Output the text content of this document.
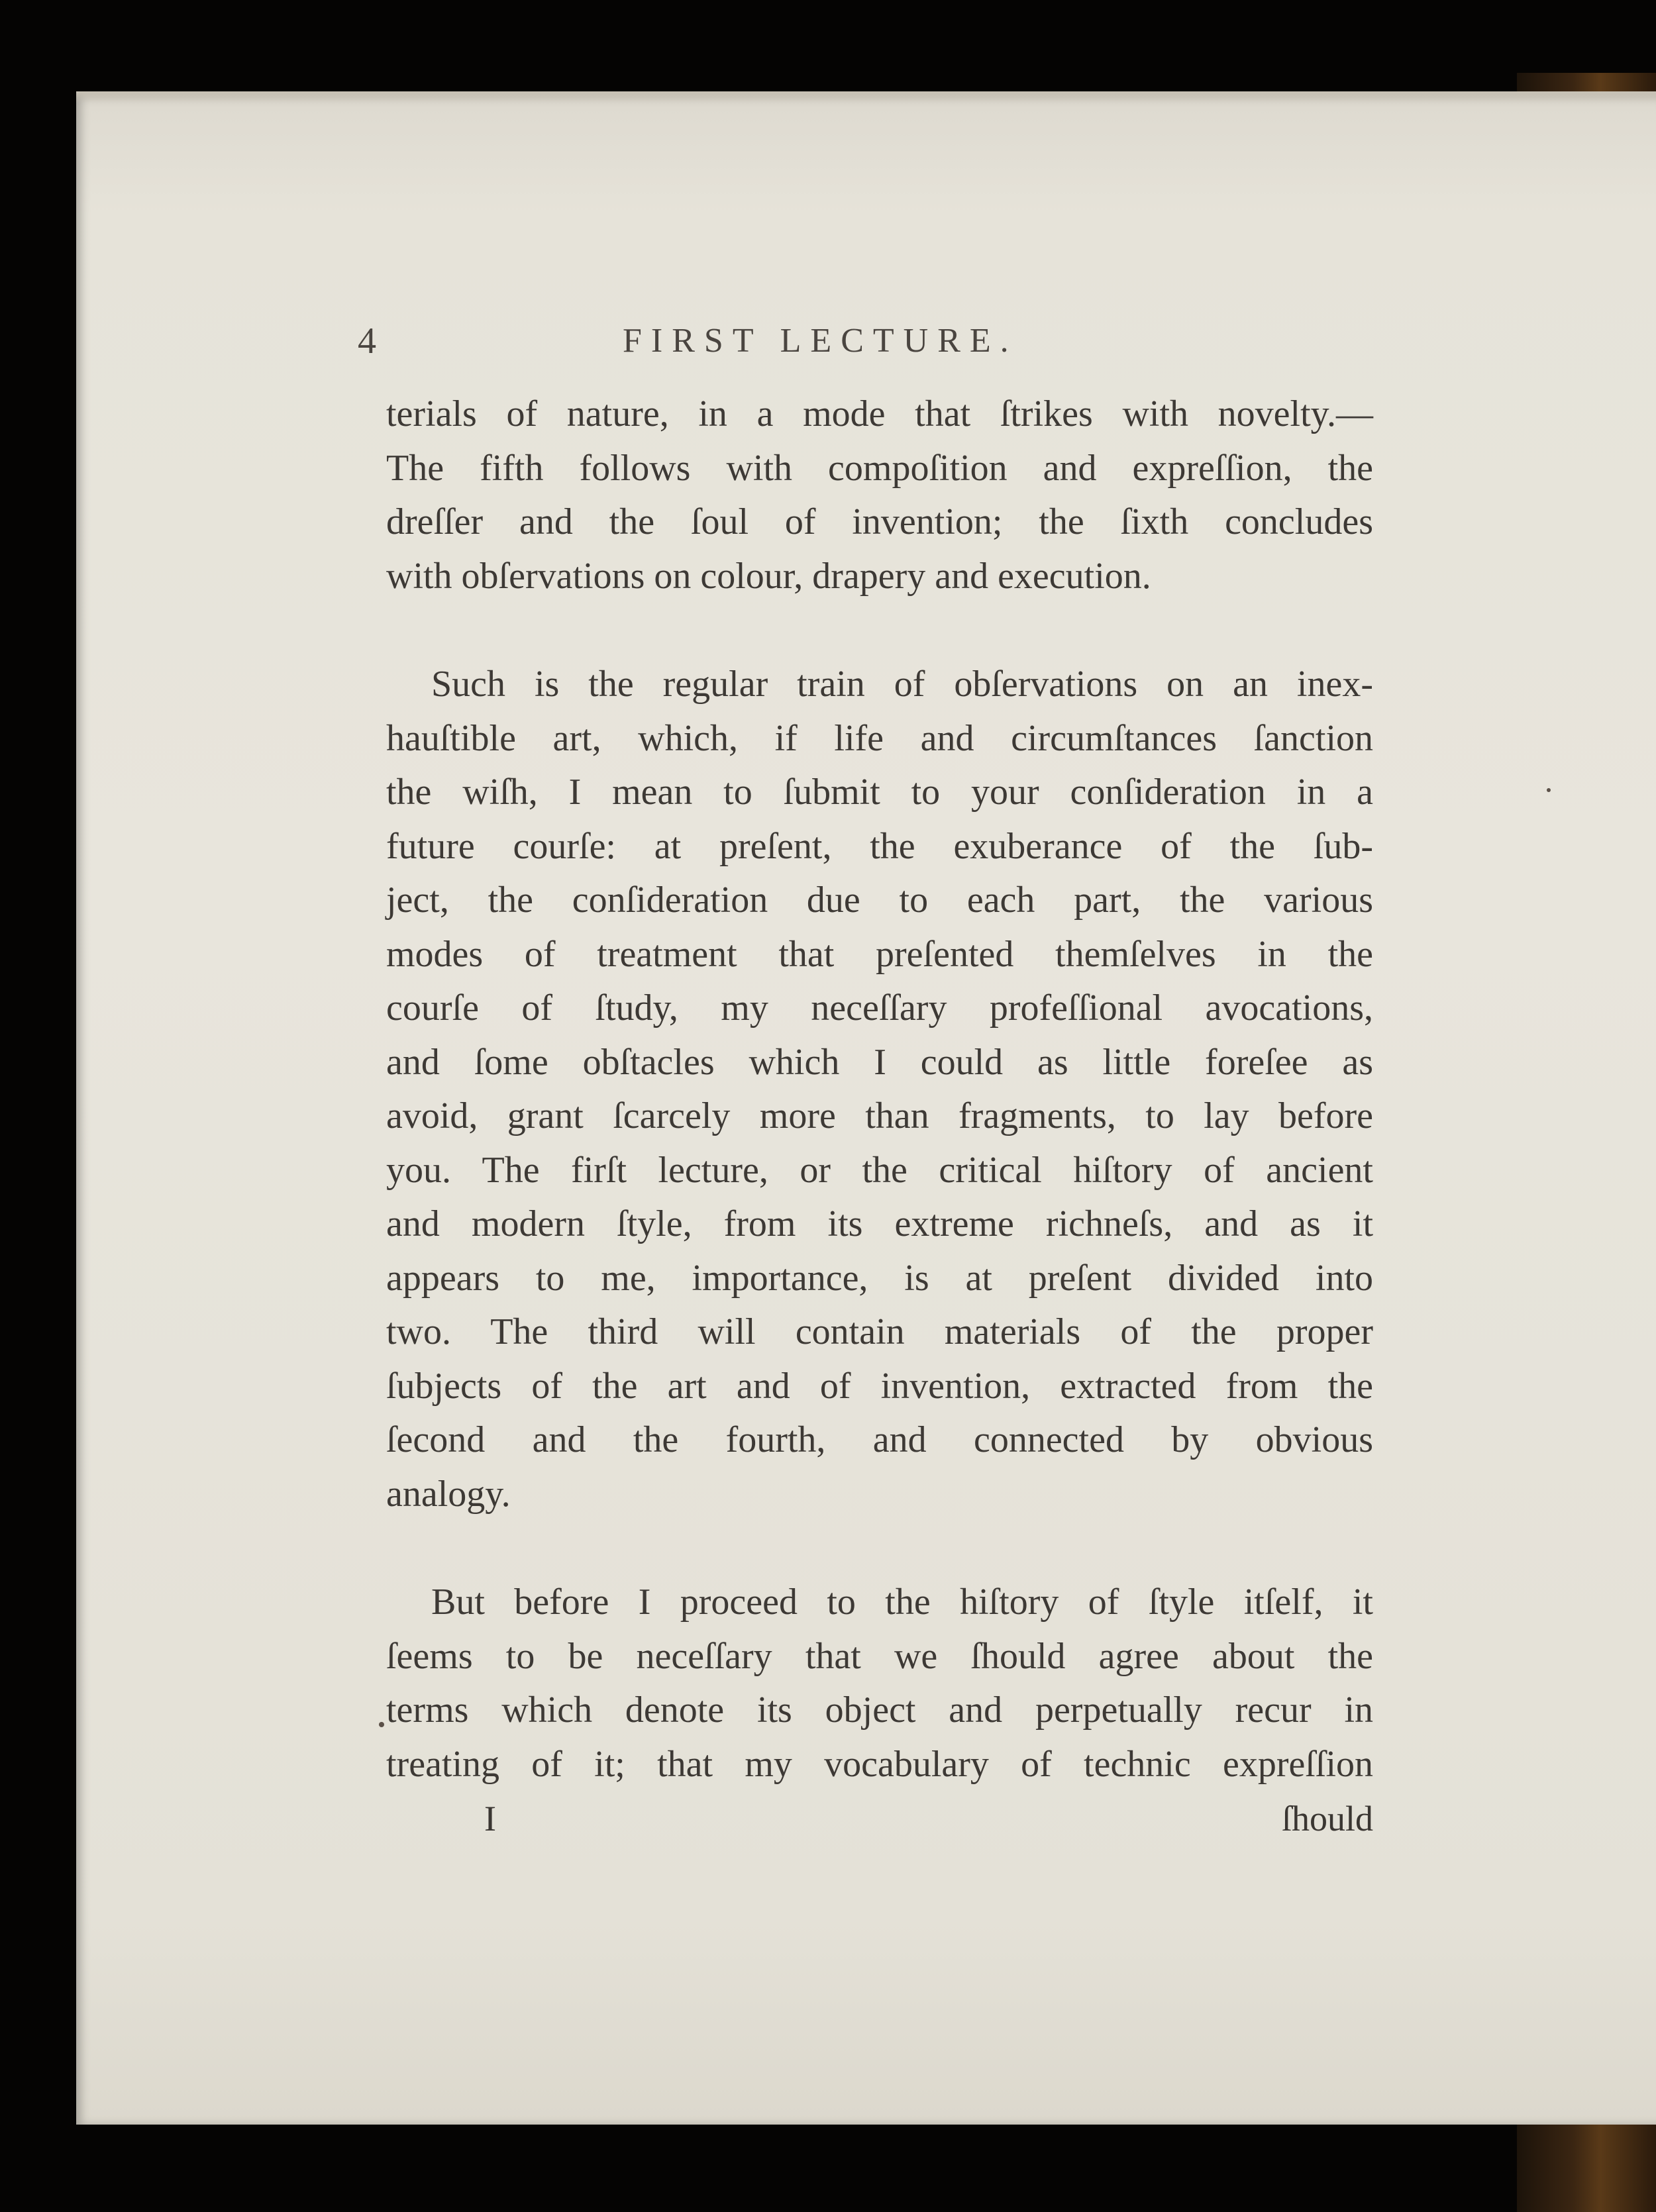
4	FIRST LECTURE.
terials of nature, in a mode that ſtrikes with novelty.—
The fifth follows with compoſition and expreſſion, the
dreſſer and the ſoul of invention; the ſixth concludes
with obſervations on colour, drapery and execution.
Such is the regular train of obſervations on an inex-
hauſtible art, which, if life and circumſtances ſanction
the wiſh, I mean to ſubmit to your conſideration in a
future courſe: at preſent, the exuberance of the ſub-
ject, the conſideration due to each part, the various
modes of treatment that preſented themſelves in the
courſe of ſtudy, my neceſſary profeſſional avocations,
and ſome obſtacles which I could as little foreſee as
avoid, grant ſcarcely more than fragments, to lay before
you. The firſt lecture, or the critical hiſtory of ancient
and modern ſtyle, from its extreme richneſs, and as it
appears to me, importance, is at preſent divided into
two. The third will contain materials of the proper
ſubjects of the art and of invention, extracted from the
ſecond and the fourth, and connected by obvious
analogy.
But before I proceed to the hiſtory of ſtyle itſelf, it
ſeems to be neceſſary that we ſhould agree about the
terms which denote its object and perpetually recur in
treating of it; that my vocabulary of technic expreſſion
I	ſhould
